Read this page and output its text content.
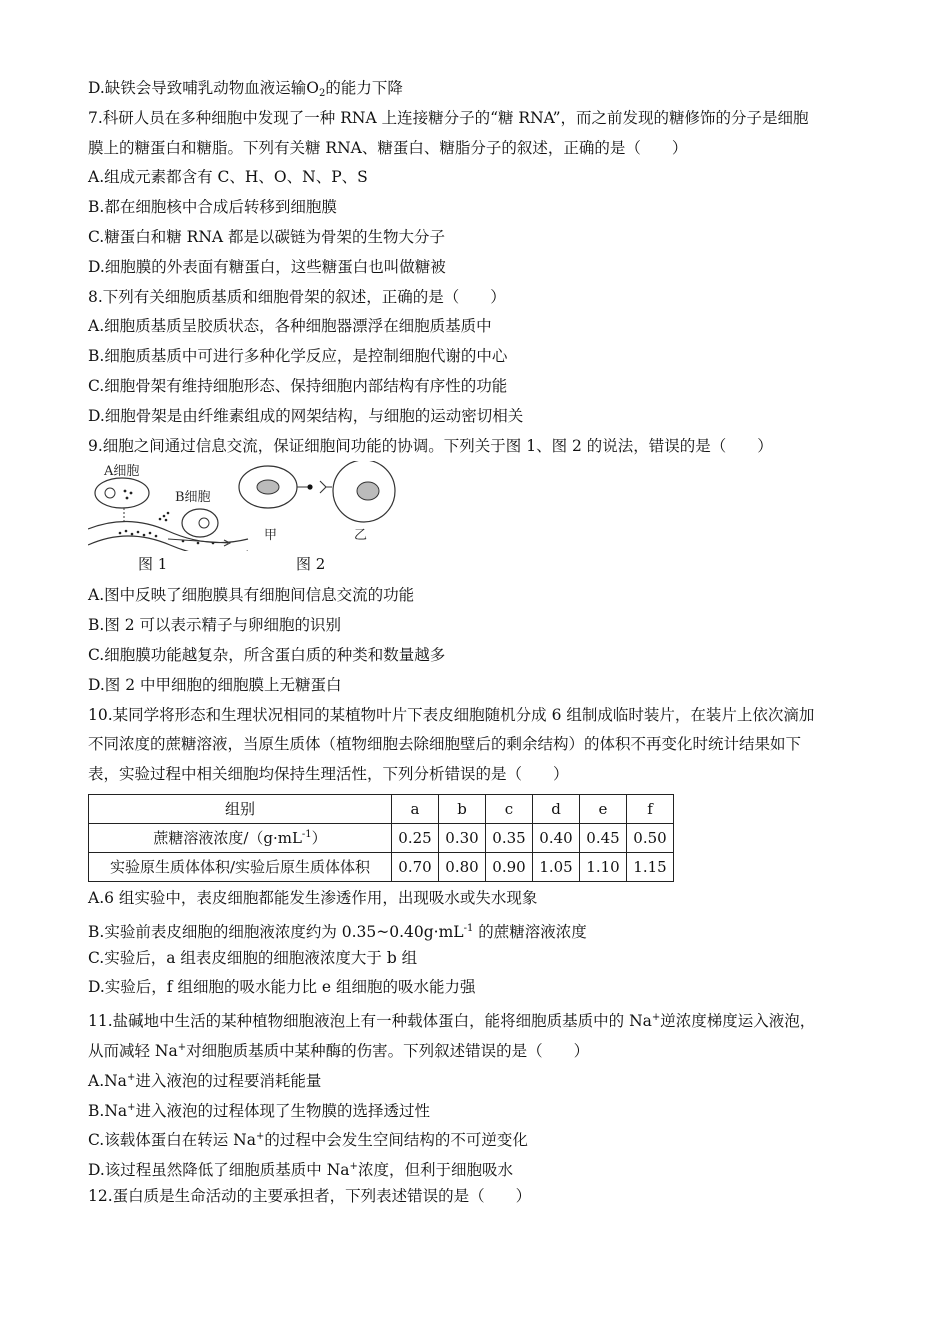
D.缺铁会导致哺乳动物血液运输$O_2$的能力下降
7.科研人员在多种细胞中发现了一种 RNA 上连接糖分子的“糖 RNA”，而之前发现的糖修饰的分子是细胞
膜上的糖蛋白和糖脂。下列有关糖 RNA、糖蛋白、糖脂分子的叙述，正确的是（　　）
A.组成元素都含有 C、H、O、N、P、S
B.都在细胞核中合成后转移到细胞膜
C.糖蛋白和糖 RNA 都是以碳链为骨架的生物大分子
D.细胞膜的外表面有糖蛋白，这些糖蛋白也叫做糖被
8.下列有关细胞质基质和细胞骨架的叙述，正确的是（　　）
A.细胞质基质呈胶质状态，各种细胞器漂浮在细胞质基质中
B.细胞质基质中可进行多种化学反应，是控制细胞代谢的中心
C.细胞骨架有维持细胞形态、保持细胞内部结构有序性的功能
D.细胞骨架是由纤维素组成的网架结构，与细胞的运动密切相关
9.细胞之间通过信息交流，保证细胞间功能的协调。下列关于图 1、图 2 的说法，错误的是（　　）
A细胞
B细胞
甲	乙
图 1	图 2
A.图中反映了细胞膜具有细胞间信息交流的功能
B.图 2 可以表示精子与卵细胞的识别
C.细胞膜功能越复杂，所含蛋白质的种类和数量越多
D.图 2 中甲细胞的细胞膜上无糖蛋白
10.某同学将形态和生理状况相同的某植物叶片下表皮细胞随机分成 6 组制成临时装片，在装片上依次滴加
不同浓度的蔗糖溶液，当原生质体（植物细胞去除细胞壁后的剩余结构）的体积不再变化时统计结果如下
表，实验过程中相关细胞均保持生理活性，下列分析错误的是（　　）
组别	a	b	c	d	e	f
蔗糖溶液浓度$/(g\cdot mL^{-1})$	0.25	0.30	0.35	0.40	0.45	0.50
实验原生质体体积/实验后原生质体体积	0.70	0.80	0.90	1.05	1.10	1.15
A.6 组实验中，表皮细胞都能发生渗透作用，出现吸水或失水现象
B.实验前表皮细胞的细胞液浓度约为 $0.35\sim 0.40g\cdot mL^{-1}$ 的蔗糖溶液浓度
C.实验后，a 组表皮细胞的细胞液浓度大于 b 组
D.实验后，f 组细胞的吸水能力比 e 组细胞的吸水能力强
11.盐碱地中生活的某种植物细胞液泡上有一种载体蛋白，能将细胞质基质中的 Na+逆浓度梯度运入液泡，
从而减轻 Na+对细胞质基质中某种酶的伤害。下列叙述错误的是（　　）
A.Na+进入液泡的过程要消耗能量
B.Na+进入液泡的过程体现了生物膜的选择透过性
C.该载体蛋白在转运 Na+的过程中会发生空间结构的不可逆变化
D.该过程虽然降低了细胞质基质中 Na+浓度，但利于细胞吸水
12.蛋白质是生命活动的主要承担者，下列表述错误的是（　　）
